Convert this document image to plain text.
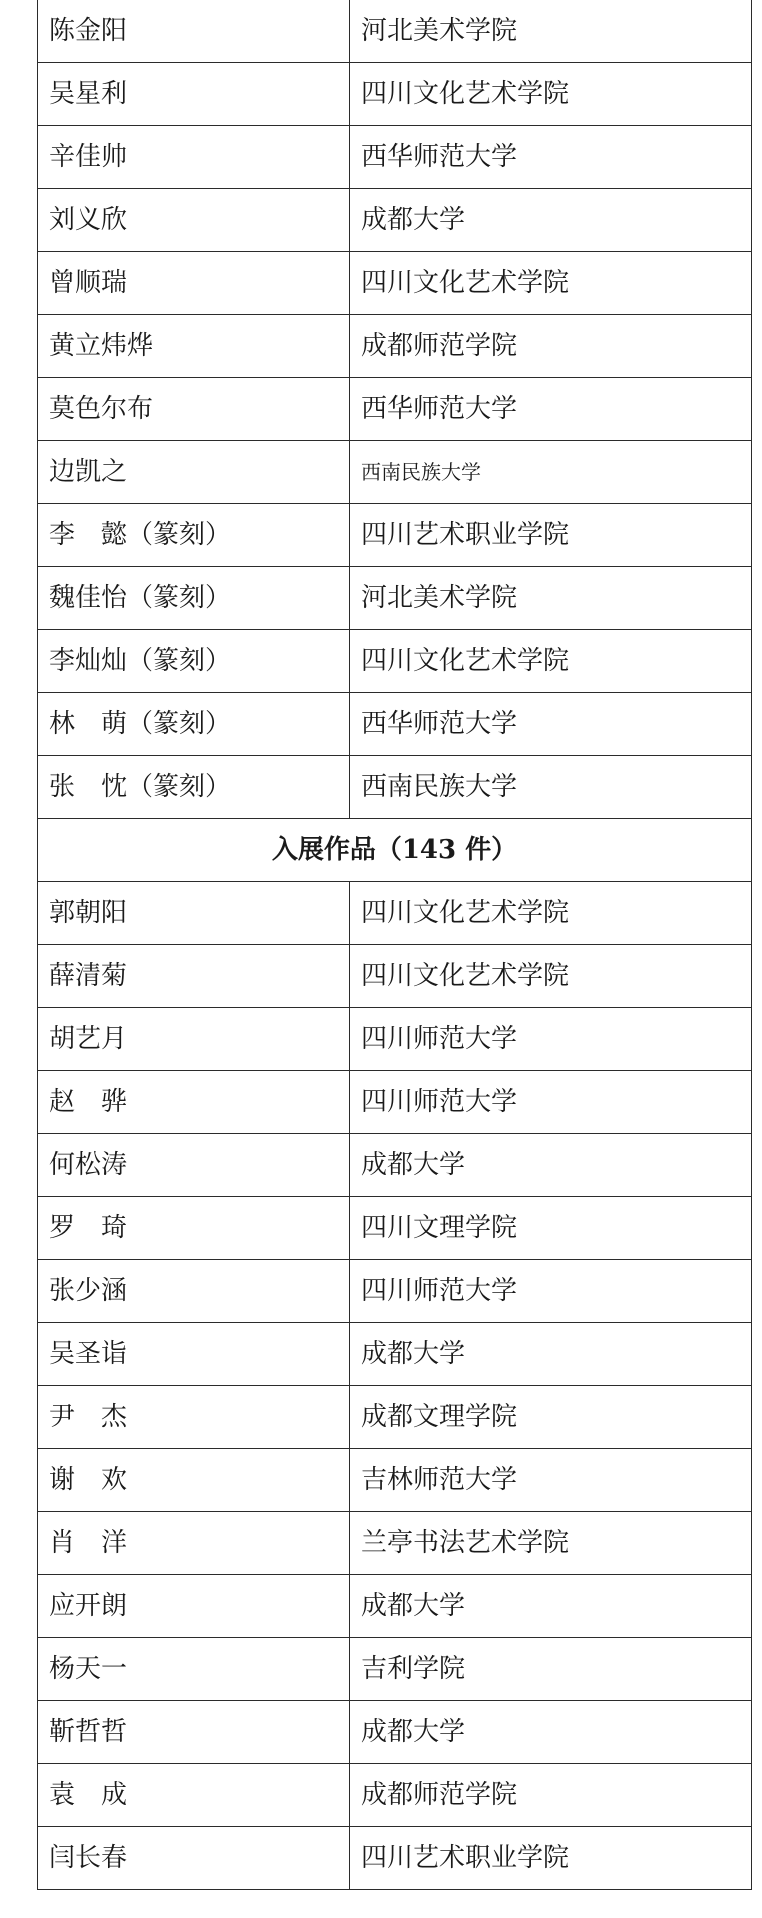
陈金阳	河北美术学院
吴星利	四川文化艺术学院
辛佳帅	西华师范大学
刘义欣	成都大学
曾顺瑞	四川文化艺术学院
黄立炜烨	成都师范学院
莫色尔布	西华师范大学
边凯之	西南民族大学
李　懿（篆刻）	四川艺术职业学院
魏佳怡（篆刻）	河北美术学院
李灿灿（篆刻）	四川文化艺术学院
林　萌（篆刻）	西华师范大学
张　忱（篆刻）	西南民族大学
入展作品（143 件）	
郭朝阳	四川文化艺术学院
薛清菊	四川文化艺术学院
胡艺月	四川师范大学
赵　骅	四川师范大学
何松涛	成都大学
罗　琦	四川文理学院
张少涵	四川师范大学
吴圣诣	成都大学
尹　杰	成都文理学院
谢　欢	吉林师范大学
肖　洋	兰亭书法艺术学院
应开朗	成都大学
杨天一	吉利学院
靳哲哲	成都大学
袁　成	成都师范学院
闫长春	四川艺术职业学院
